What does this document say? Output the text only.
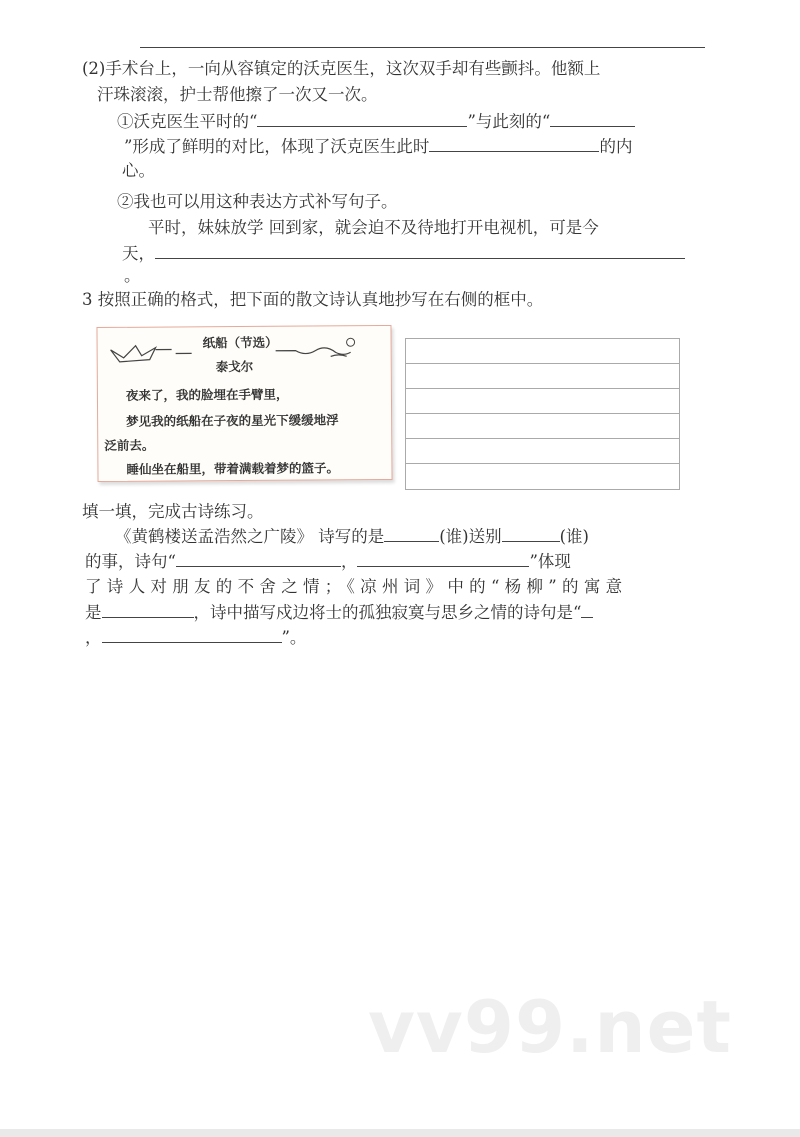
(2)手术台上，一向从容镇定的沃克医生，这次双手却有些颤抖。他额上
汗珠滚滚，护士帮他擦了一次又一次。
①沃克医生平时的“	”与此刻的“
”形成了鲜明的对比，体现了沃克医生此时	的内
心。
②我也可以用这种表达方式补写句子。
平时，妹妹放学 回到家，就会迫不及待地打开电视机，可是今
天，
。
3 按照正确的格式，把下面的散文诗认真地抄写在右侧的框中。
纸船（节选）
泰戈尔
夜来了，我的脸埋在手臂里，
梦见我的纸船在子夜的星光下缓缓地浮
泛前去。
睡仙坐在船里，带着满载着梦的篮子。
填一填，完成古诗练习。
《黄鹤楼送孟浩然之广陵》 诗写的是	(谁)送别	(谁)
的事，诗句“	，	”体现
了诗人对朋友的不舍之情；《凉州词》中的“杨柳”的寓意
是	，诗中描写戍边将士的孤独寂寞与思乡之情的诗句是“
，	”。
vv99.net
